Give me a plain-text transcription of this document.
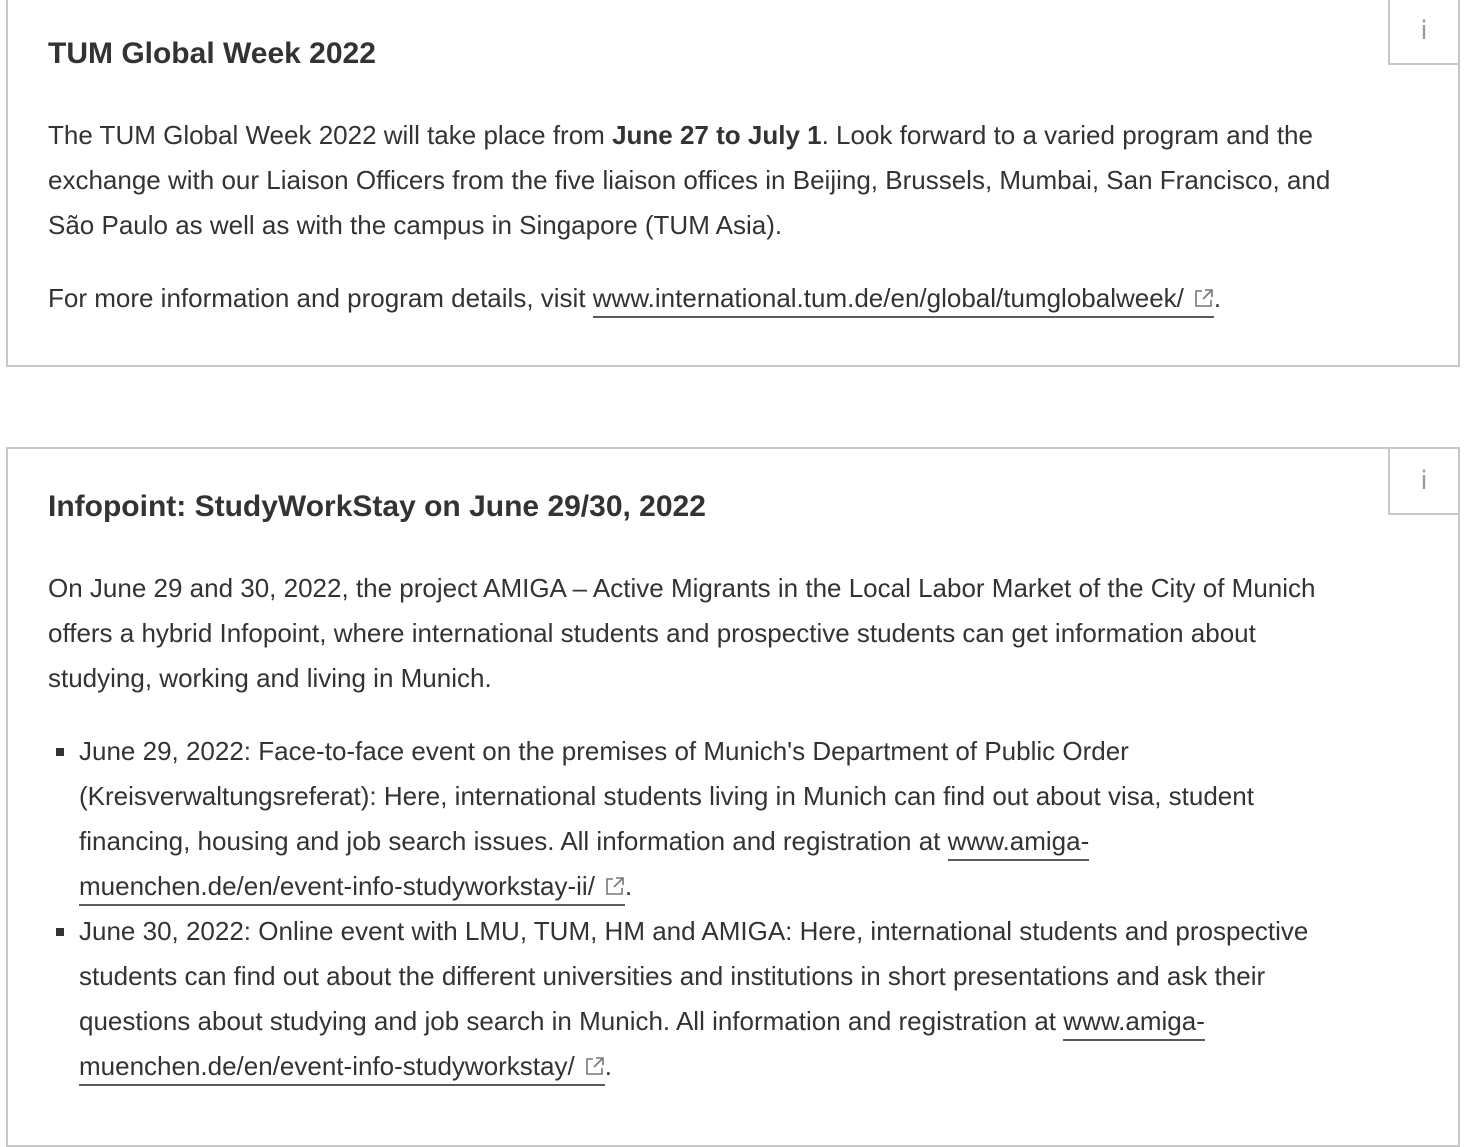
i
TUM Global Week 2022

The TUM Global Week 2022 will take place from June 27 to July 1. Look forward to a varied program and the exchange with our Liaison Officers from the five liaison offices in Beijing, Brussels, Mumbai, San Francisco, and São Paulo as well as with the campus in Singapore (TUM Asia).

For more information and program details, visit www.international.tum.de/en/global/tumglobalweek/ .

i
Infopoint: StudyWorkStay on June 29/30, 2022

On June 29 and 30, 2022, the project AMIGA – Active Migrants in the Local Labor Market of the City of Munich offers a hybrid Infopoint, where international students and prospective students can get information about studying, working and living in Munich.

June 29, 2022: Face-to-face event on the premises of Munich's Department of Public Order (Kreisverwaltungsreferat): Here, international students living in Munich can find out about visa, student financing, housing and job search issues. All information and registration at www.amiga-muenchen.de/en/event-info-studyworkstay-ii/ .
June 30, 2022: Online event with LMU, TUM, HM and AMIGA: Here, international students and prospective students can find out about the different universities and institutions in short presentations and ask their questions about studying and job search in Munich. All information and registration at www.amiga-muenchen.de/en/event-info-studyworkstay/ .
